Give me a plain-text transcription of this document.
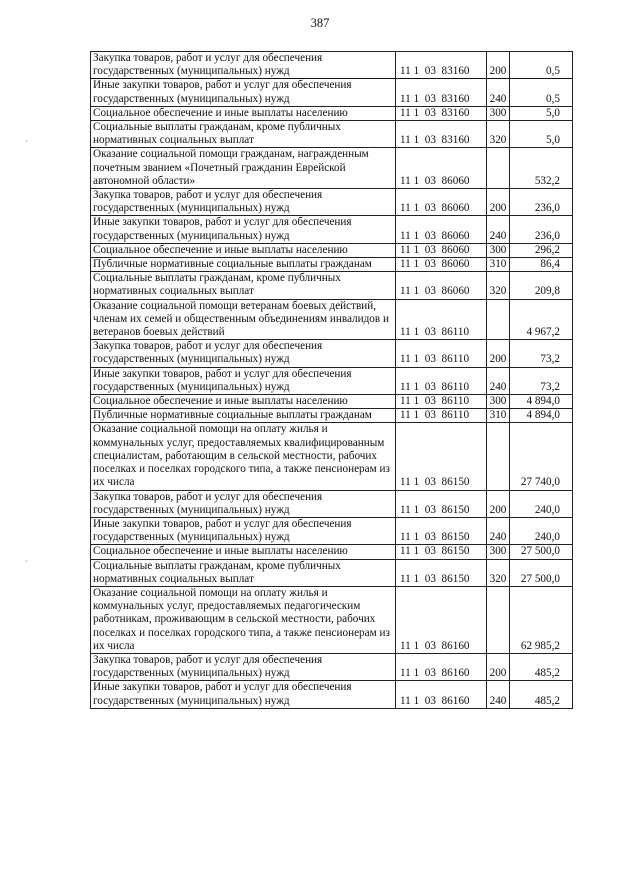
387
Закупка товаров, работ и услуг для обеспечения государственных (муниципальных) нужд	11 1  03  83160	200	0,5
Иные закупки товаров, работ и услуг для обеспечения государственных (муниципальных) нужд	11 1  03  83160	240	0,5
Социальное обеспечение и иные выплаты населению	11 1  03  83160	300	5,0
Социальные выплаты гражданам, кроме публичных нормативных социальных выплат	11 1  03  83160	320	5,0
Оказание социальной помощи гражданам, награжденным почетным званием «Почетный гражданин Еврейской автономной области»	11 1  03  86060		532,2
Закупка товаров, работ и услуг для обеспечения государственных (муниципальных) нужд	11 1  03  86060	200	236,0
Иные закупки товаров, работ и услуг для обеспечения государственных (муниципальных) нужд	11 1  03  86060	240	236,0
Социальное обеспечение и иные выплаты населению	11 1  03  86060	300	296,2
Публичные нормативные социальные выплаты гражданам	11 1  03  86060	310	86,4
Социальные выплаты гражданам, кроме публичных нормативных социальных выплат	11 1  03  86060	320	209,8
Оказание социальной помощи ветеранам боевых действий, членам их семей и общественным объединениям инвалидов и ветеранов боевых действий	11 1  03  86110		4 967,2
Закупка товаров, работ и услуг для обеспечения государственных (муниципальных) нужд	11 1  03  86110	200	73,2
Иные закупки товаров, работ и услуг для обеспечения государственных (муниципальных) нужд	11 1  03  86110	240	73,2
Социальное обеспечение и иные выплаты населению	11 1  03  86110	300	4 894,0
Публичные нормативные социальные выплаты гражданам	11 1  03  86110	310	4 894,0
Оказание социальной помощи на оплату жилья и коммунальных услуг, предоставляемых квалифицированным специалистам, работающим в сельской местности, рабочих поселках и поселках городского типа, а также пенсионерам из их числа	11 1  03  86150		27 740,0
Закупка товаров, работ и услуг для обеспечения государственных (муниципальных) нужд	11 1  03  86150	200	240,0
Иные закупки товаров, работ и услуг для обеспечения государственных (муниципальных) нужд	11 1  03  86150	240	240,0
Социальное обеспечение и иные выплаты населению	11 1  03  86150	300	27 500,0
Социальные выплаты гражданам, кроме публичных нормативных социальных выплат	11 1  03  86150	320	27 500,0
Оказание социальной помощи на оплату жилья и коммунальных услуг, предоставляемых педагогическим работникам, проживающим в сельской местности, рабочих поселках и поселках городского типа, а также пенсионерам из их числа	11 1  03  86160		62 985,2
Закупка товаров, работ и услуг для обеспечения государственных (муниципальных) нужд	11 1  03  86160	200	485,2
Иные закупки товаров, работ и услуг для обеспечения государственных (муниципальных) нужд	11 1  03  86160	240	485,2
